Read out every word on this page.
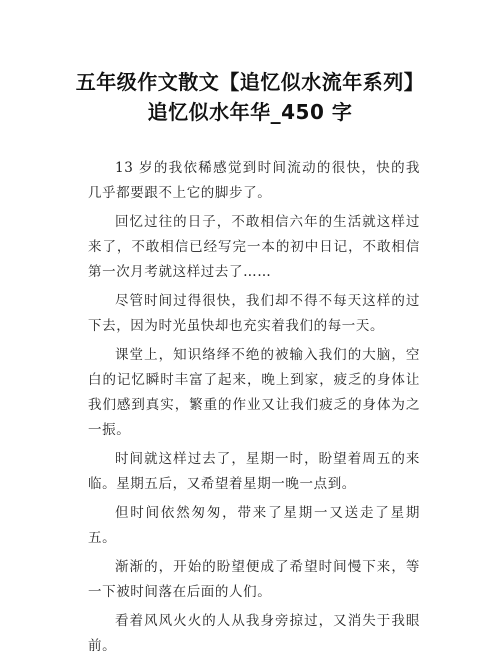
五年级作文散文【追忆似水流年系列】
追忆似水年华_450 字

13 岁的我依稀感觉到时间流动的很快，快的我几乎都要跟不上它的脚步了。

回忆过往的日子，不敢相信六年的生活就这样过来了，不敢相信已经写完一本的初中日记，不敢相信第一次月考就这样过去了……

尽管时间过得很快，我们却不得不每天这样的过下去，因为时光虽快却也充实着我们的每一天。

课堂上，知识络绎不绝的被输入我们的大脑，空白的记忆瞬时丰富了起来，晚上到家，疲乏的身体让我们感到真实，繁重的作业又让我们疲乏的身体为之一振。

时间就这样过去了，星期一时，盼望着周五的来临。星期五后，又希望着星期一晚一点到。

但时间依然匆匆，带来了星期一又送走了星期五。

渐渐的，开始的盼望便成了希望时间慢下来，等一下被时间落在后面的人们。

看着风风火火的人从我身旁掠过，又消失于我眼前。
